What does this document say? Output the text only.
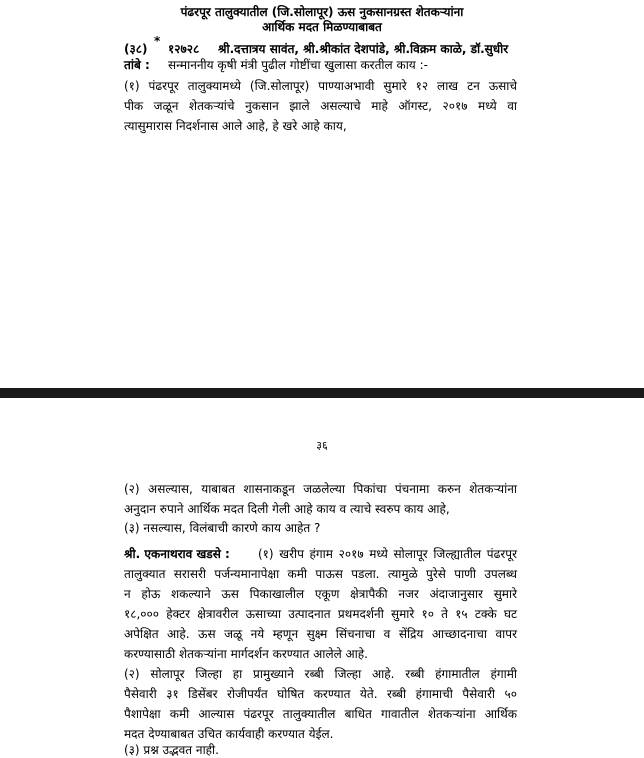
पंढरपूर तालुक्यातील (जि.सोलापूर) ऊस नुकसानग्रस्त शेतकऱ्यांना
आर्थिक मदत मिळण्याबाबत
(३८)
*
१२७२८ श्री.दत्तात्रय सावंत, श्री.श्रीकांत देशपांडे, श्री.विक्रम काळे, डॉ.सुधीर
तांबे : सन्माननीय कृषी मंत्री पुढील गोष्टींचा खुलासा करतील काय :-
(१) पंढरपूर तालुक्यामध्ये (जि.सोलापूर) पाण्याअभावी सुमारे १२ लाख टन ऊसाचे
पीक जळून शेतकऱ्यांचे नुकसान झाले असल्याचे माहे ऑगस्ट, २०१७ मध्ये वा
त्यासुमारास निदर्शनास आले आहे, हे खरे आहे काय,
३६
(२) असल्यास, याबाबत शासनाकडून जळलेल्या पिकांचा पंचनामा करुन शेतकऱ्यांना
अनुदान रुपाने आर्थिक मदत दिली गेली आहे काय व त्याचे स्वरुप काय आहे,
(३) नसल्यास, विलंबाची कारणे काय आहेत ?
श्री. एकनाथराव खडसे : (१) खरीप हंगाम २०१७ मध्ये सोलापूर जिल्ह्यातील पंढरपूर
तालुक्यात सरासरी पर्जन्यमानापेक्षा कमी पाऊस पडला. त्यामुळे पुरेसे पाणी उपलब्ध
न होऊ शकल्याने ऊस पिकाखालील एकूण क्षेत्रापैकी नजर अंदाजानुसार सुमारे
१८,००० हेक्टर क्षेत्रावरील ऊसाच्या उत्पादनात प्रथमदर्शनी सुमारे १० ते १५ टक्के घट
अपेक्षित आहे. ऊस जळू नये म्हणून सुक्ष्म सिंचनाचा व सेंद्रिय आच्छादनाचा वापर
करण्यासाठी शेतकऱ्यांना मार्गदर्शन करण्यात आलेले आहे.
(२) सोलापूर जिल्हा हा प्रामुख्याने रब्बी जिल्हा आहे. रब्बी हंगामातील हंगामी
पैसेवारी ३१ डिसेंबर रोजीपर्यंत घोषित करण्यात येते. रब्बी हंगामाची पैसेवारी ५०
पैशापेक्षा कमी आल्यास पंढरपूर तालुक्यातील बाधित गावातील शेतकऱ्यांना आर्थिक
मदत देण्याबाबत उचित कार्यवाही करण्यात येईल.
(३) प्रश्न उद्भवत नाही.
